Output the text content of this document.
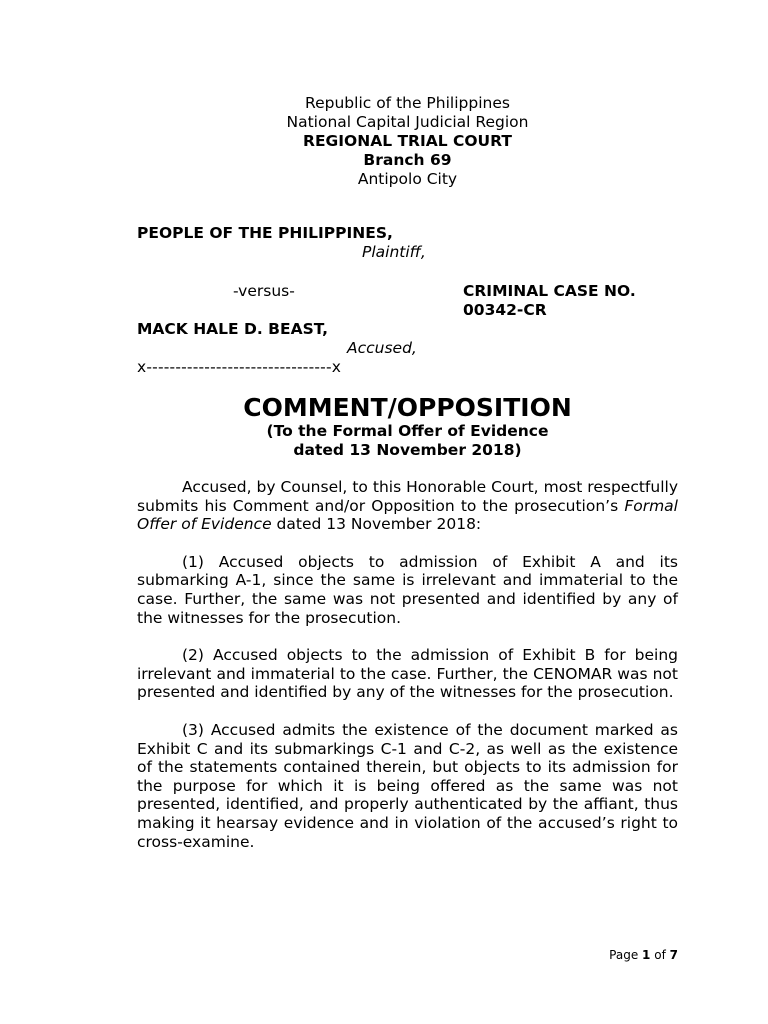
Republic of the Philippines
National Capital Judicial Region
REGIONAL TRIAL COURT
Branch 69
Antipolo City
PEOPLE OF THE PHILIPPINES,
Plaintiff,
-versus-	CRIMINAL CASE NO.
00342-CR
MACK HALE D. BEAST,
Accused,
x--------------------------------x
COMMENT/OPPOSITION
(To the Formal Offer of Evidence
dated 13 November 2018)

Accused, by Counsel, to this Honorable Court, most respectfully submits his Comment and/or Opposition to the prosecution’s Formal Offer of Evidence dated 13 November 2018:

(1) Accused objects to admission of Exhibit A and its submarking A-1, since the same is irrelevant and immaterial to the case. Further, the same was not presented and identified by any of the witnesses for the prosecution.

(2) Accused objects to the admission of Exhibit B for being irrelevant and immaterial to the case. Further, the CENOMAR was not presented and identified by any of the witnesses for the prosecution.

(3) Accused admits the existence of the document marked as Exhibit C and its submarkings C-1 and C-2, as well as the existence of the statements contained therein, but objects to its admission for the purpose for which it is being offered as the same was not presented, identified, and properly authenticated by the affiant, thus making it hearsay evidence and in violation of the accused’s right to cross-examine.

Page 1 of 7
